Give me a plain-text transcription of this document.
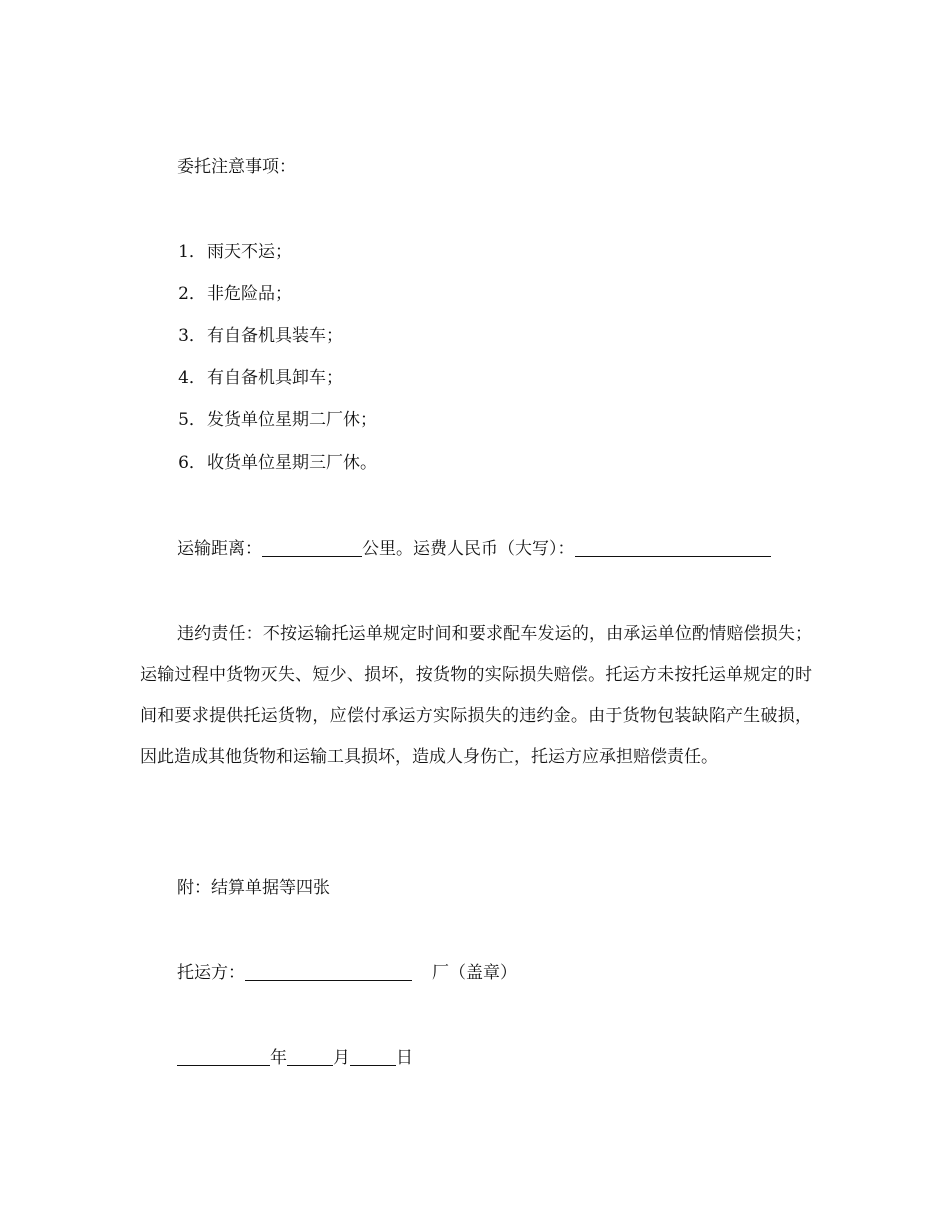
委托注意事项：
1．雨天不运；
2．非危险品；
3．有自备机具装车；
4．有自备机具卸车；
5．发货单位星期二厂休；
6．收货单位星期三厂休。
运输距离：	公里。运费人民币（大写）：
违约责任：不按运输托运单规定时间和要求配车发运的，由承运单位酌情赔偿损失；运输过程中货物灭失、短少、损坏，按货物的实际损失赔偿。托运方未按托运单规定的时间和要求提供托运货物，应偿付承运方实际损失的违约金。由于货物包装缺陷产生破损，因此造成其他货物和运输工具损坏，造成人身伤亡，托运方应承担赔偿责任。
附：结算单据等四张
托运方：	厂（盖章）
年	月	日
